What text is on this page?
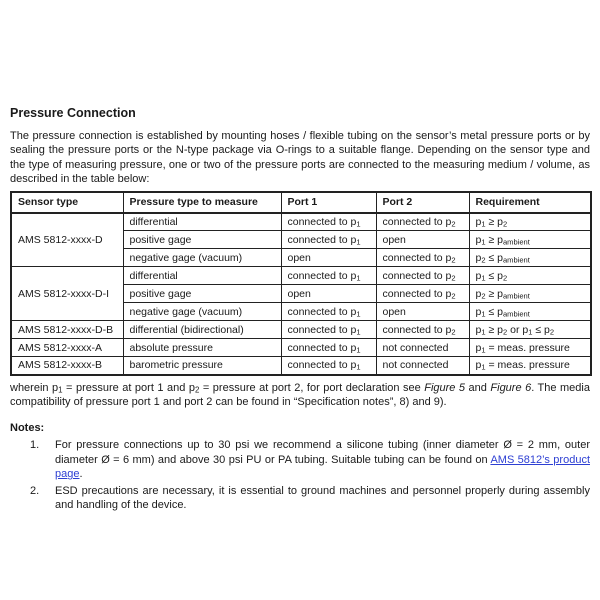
Pressure Connection

The pressure connection is established by mounting hoses / flexible tubing on the sensor’s metal pressure ports or by sealing the pressure ports or the N-type package via O-rings to a suitable flange. Depending on the sensor type and the type of measuring pressure, one or two of the pressure ports are connected to the measuring medium / volume, as described in the table below:

Sensor type	Pressure type to measure	Port 1	Port 2	Requirement
AMS 5812-xxxx-D	differential	connected to $p_1$	connected to $p_2$	$p_1 \ge p_2$
	positive gage	connected to $p_1$	open	$p_1 \ge p_{ambient}$
	negative gage (vacuum)	open	connected to $p_2$	$p_2 \le p_{ambient}$
AMS 5812-xxxx-D-I	differential	connected to $p_1$	connected to $p_2$	$p_1 \le p_2$
	positive gage	open	connected to $p_2$	$p_2 \ge p_{ambient}$
	negative gage (vacuum)	connected to $p_1$	open	$p_1 \le p_{ambient}$
AMS 5812-xxxx-D-B	differential (bidirectional)	connected to $p_1$	connected to $p_2$	$p_1 \ge p_2$ or $p_1 \le p_2$
AMS 5812-xxxx-A	absolute pressure	connected to $p_1$	not connected	$p_1$ = meas. pressure
AMS 5812-xxxx-B	barometric pressure	connected to $p_1$	not connected	$p_1$ = meas. pressure

wherein $p_1$ = pressure at port 1 and $p_2$ = pressure at port 2, for port declaration see Figure 5 and Figure 6. The media compatibility of pressure port 1 and port 2 can be found in “Specification notes”, 8) and 9).

Notes:
1.	For pressure connections up to 30 psi we recommend a silicone tubing (inner diameter Ø = 2 mm, outer diameter Ø = 6 mm) and above 30 psi PU or PA tubing. Suitable tubing can be found on AMS 5812’s product page.
2.	ESD precautions are necessary, it is essential to ground machines and personnel properly during assembly and handling of the device.
